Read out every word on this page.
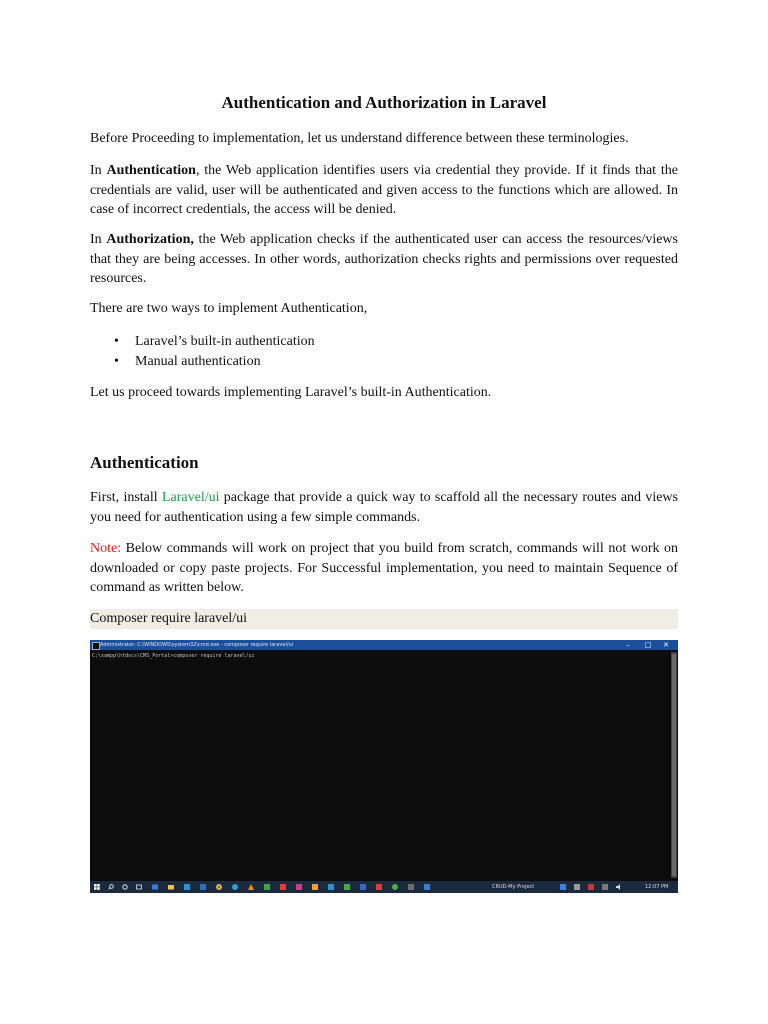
Authentication and Authorization in Laravel

Before Proceeding to implementation, let us understand difference between these terminologies.

In Authentication, the Web application identifies users via credential they provide. If it finds that the credentials are valid, user will be authenticated and given access to the functions which are allowed. In case of incorrect credentials, the access will be denied.

In Authorization, the Web application checks if the authenticated user can access the resources/views that they are being accesses. In other words, authorization checks rights and permissions over requested resources.

There are two ways to implement Authentication,

• Laravel’s built-in authentication
• Manual authentication

Let us proceed towards implementing Laravel’s built-in Authentication.

Authentication

First, install Laravel/ui package that provide a quick way to scaffold all the necessary routes and views you need for authentication using a few simple commands.

Note: Below commands will work on project that you build from scratch, commands will not work on downloaded or copy paste projects. For Successful implementation, you need to maintain Sequence of command as written below.

Composer require laravel/ui
Administrator: C:\WINDOWS\system32\cmd.exe - composer require laravel/ui	–	□	✕
C:\xampp\htdocs\CMS_Portal>composer require laravel/ui
CRUD-My Project	12:07 PM
